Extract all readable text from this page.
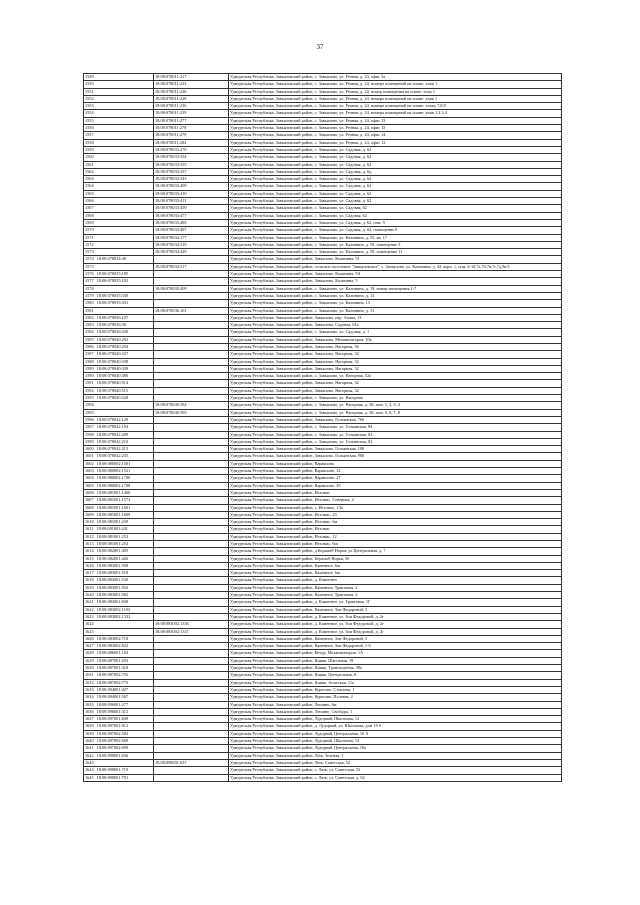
37
1549	18:08:078011:217	Удмуртская Республика, Завьяловский район, с. Завьялово, ул. Речная, д. 24, офис 5а
1550	18:08:078011:223	Удмуртская Республика, Завьяловский район, с. Завьялово, ул. Речная, д. 24, номера помещений на плане: этаж 1
1551	18:08:078011:226	Удмуртская Республика, Завьяловский район, с. Завьялово, ул. Речная, д. 24, номер помещения на плане: этаж 1
1552	18:08:078011:228	Удмуртская Республика, Завьяловский район, с. Завьялово, ул. Речная, д. 24, номера помещений на плане: этаж 1
1553	18:08:078011:236	Удмуртская Республика, Завьяловский район, с. Завьялово, ул. Речная, д. 24, номера помещений на плане: этажу 7,8,9
1554	18:08:078011:239	Удмуртская Республика, Завьяловский район, с. Завьялово, ул. Речная, д. 24, номера помещений на плане: этаж 1,2,3,4
1555	18:08:078011:277	Удмуртская Республика, Завьяловский район, с. Завьялово, ул. Речная, д. 24, офис 13
1556	18:08:078011:278	Удмуртская Республика, Завьяловский район, с. Завьялово, ул. Речная, д. 24, офис 15
1557	18:08:078011:279	Удмуртская Республика, Завьяловский район, с. Завьялово, ул. Речная, д. 24, офис 14
1558	18:08:078011:284	Удмуртская Республика, Завьяловский район, с. Завьялово, ул. Речная, д. 24, офис 12
1559	18:08:078033:270	Удмуртская Республика, Завьяловский район, с. Завьялово, ул. Садовая, д. 62
1560	18:08:078033:334	Удмуртская Республика, Завьяловский район, с. Завьялово, ул. Садовая, д. 62
1561	18:08:078033:335	Удмуртская Республика, Завьяловский район, с. Завьялово, ул. Садовая, д. 62
1562	18:08:078033:337	Удмуртская Республика, Завьяловский район, с. Завьялово, ул. Садовая, д. 6д
1563	18:08:078033:343	Удмуртская Республика, Завьяловский район, с. Завьялово, ул. Садовая, д. 62
1564	18:08:078033:409	Удмуртская Республика, Завьяловский район, с. Завьялово, ул. Садовая, д. 62
1565	18:08:078033:410	Удмуртская Республика, Завьяловский район, с. Завьялово, ул. Садовая, д. 62
1566	18:08:078033:411	Удмуртская Республика, Завьяловский район, с. Завьялово, ул. Садовая, д. 62
1567	18:08:078033:459	Удмуртская Республика, Завьяловский район, с. Завьялово, ул. Садовая, 62
1568	18:08:078033:477	Удмуртская Республика, Завьяловский район, с. Завьялово, ул. Садовая, 62
1569	18:08:078033:485	Удмуртская Республика, Завьяловский район, с. Завьялово, ул. Садовая, д. 62, пом. 9
1570	18:08:078033:487	Удмуртская Республика, Завьяловский район, с. Завьялово, ул. Садовая, д. 62, помещение 8
1571	18:08:078034:177	Удмуртская Республика, Завьяловский район, с. Завьялово, ул. Калинина, д. 55, кв. 17
1572	18:08:078034:319	Удмуртская Республика, Завьяловский район, с. Завьялово, ул. Калинина, д. 59, помещение 3
1573	18:08:078034:429	Удмуртская Республика, Завьяловский район, с. Завьялово, ул. Калинина, д. 59, помещение 11
1574 18:08:078034:48		Удмуртская Республика, Завьяловский район, Завьялово, Калинина, 51
1575	18:08:078034:517	Удмуртская Республика, Завьяловский район, сельское поселение "Завьяловское", с. Завьялово, ул. Калинина, д. 43, корп. 1, пом. 6-10,7а,7б,7в,7г,7д,9в,9
1576 18:08:078035:185		Удмуртская Республика, Завьяловский район, Завьялово, Калинина, 9А
1577 18:08:078035:192		Удмуртская Республика, Завьяловский район, Завьялово, Калинина, 5
1578	18:08:078035:209	Удмуртская Республика, Завьяловский район, с. Завьялово, ул. Калинина, д. 19, номер помещения 1-7
1579 18:08:078035:330		Удмуртская Республика, Завьяловский район, с. Завьялово, ул. Калинина, д. 13
1580 18:08:078035:331		Удмуртская Республика, Завьяловский район, с. Завьялово, ул. Калинина, 13
1581	18:08:078036:101	Удмуртская Республика, Завьяловский район, с. Завьялово, ул. Калинина, д. 11
1582 18:08:078036:107		Удмуртская Республика, Завьяловский район, Завьялово, пер. Азина, 13
1583 18:08:078036:30		Удмуртская Республика, Завьяловский район, Завьялово, Садовая, 61а
1584 18:08:078036:340		Удмуртская Республика, Завьяловский район, с. Завьялово, ул. Садовая, д. 1
1585 18:08:078040:292		Удмуртская Республика, Завьяловский район, Завьялово, Механизаторов, 10а
1586 18:08:078040:294		Удмуртская Республика, Завьяловский район, Завьялово, Нагорная, 56
1587 18:08:078040:337		Удмуртская Республика, Завьяловский район, Завьялово, Нагорная, 32
1588 18:08:078040:338		Удмуртская Республика, Завьяловский район, Завьялово, Нагорная, 32
1589 18:08:078040:339		Удмуртская Республика, Завьяловский район, Завьялово, Нагорная, 32
1590 18:08:078040:486		Удмуртская Республика, Завьяловский район, с. Завьялово, ул. Нагорная, 52а
1591 18:08:078040:514		Удмуртская Республика, Завьяловский район, Завьялово, Нагорная, 32
1592 18:08:078040:515		Удмуртская Республика, Завьяловский район, Завьялово, Нагорная, 32
1593 18:08:078040:528		Удмуртская Республика, Завьяловский район, с. Завьялово, ул. Нагорная
1594	18:08:078040:584	Удмуртская Республика, Завьяловский район, с. Завьялово, ул. Нагорная, д. 36, пом. 1, 2, 3, 4
1595	18:08:078040:595	Удмуртская Республика, Завьяловский район, с. Завьялово, ул. Нагорная, д. 36, пом. 5, 6, 7, 8
1596 18:08:078042:129		Удмуртская Республика, Завьяловский район, Завьялово, Гольянская, 76б
1597 18:08:078042:194		Удмуртская Республика, Завьяловский район, с. Завьялово, ул. Гольянская, 84
1598 18:08:078042:209		Удмуртская Республика, Завьяловский район, с. Завьялово, ул. Гольянская, 82
1599 18:08:078042:210		Удмуртская Республика, Завьяловский район, с. Завьялово, ул. Гольянская, 82
1600 18:08:078042:215		Удмуртская Республика, Завьяловский район, Завьялово, Гольянская, 100
1601 18:08:078042:235		Удмуртская Республика, Завьяловский район, Завьялово, Гольянская, 96б
1602 18:08:080002:1501		Удмуртская Республика, Завьяловский район, Вараксино
1603 18:08:080002:1521		Удмуртская Республика, Завьяловский район, Вараксино, 32
1604 18:08:080002:1700		Удмуртская Республика, Завьяловский район, Вараксино, 27
1605 18:08:080002:1708		Удмуртская Республика, Завьяловский район, Вараксино, 29
1606 18:08:081001:1460		Удмуртская Республика, Завьяловский район, Италмас
1607 18:08:081001:1572		Удмуртская Республика, Завьяловский район, Италмас, Северная, 2
1608 18:08:081001:1601		Удмуртская Республика, Завьяловский район, с. Италмас, 13а
1609 18:08:081001:1609		Удмуртская Республика, Завьяловский район, Италмас, 23
1610 18:08:081001:239		Удмуртская Республика, Завьяловский район, Италмас, 6м
1611 18:08:081001:241		Удмуртская Республика, Завьяловский район, Италмас
1612 18:08:081001:253		Удмуртская Республика, Завьяловский район, Италмас, 12
1613 18:08:081001:254		Удмуртская Республика, Завьяловский район, Италмас, 6ш
1614 18:08:082001:405		Удмуртская Республика, Завьяловский район, д.Керамаб-Норья, ул.Центральная, д. 7
1615 18:08:082001:420		Удмуртская Республика, Завьяловский район, Керамаб-Норья, 5б
1616 18:08:083001:508		Удмуртская Республика, Завьяловский район, Каменное, 6ш
1617 18:08:083001:518		Удмуртская Республика, Завьяловский район, Каменное, 6ш
1618 18:08:083001:530		Удмуртская Республика, Завьяловский район, д. Каменное
1619 18:08:083001:552		Удмуртская Республика, Завьяловский район, Каменное, Трактовая, 2
1620 18:08:083001:582		Удмуртская Республика, Завьяловский район, Каменное, Трактовая, 2
1621 18:08:083001:848		Удмуртская Республика, Завьяловский район, д. Каменное, ул. Трактовая, 1Г
1622 18:08:083002:1103		Удмуртская Республика, Завьяловский район, Каменное, Зои Федоровой, 3
1623 18:08:083002:1332		Удмуртская Республика, Завьяловский район, д. Каменное, ул. Зои Федоровой, д. 2г
1624	18:08:083002:1336	Удмуртская Республика, Завьяловский район, д. Каменное, ул. Зои Федоровой, д. 2г
1625	18:08:083002:1337	Удмуртская Республика, Завьяловский район, д. Каменное, ул. Зои Федоровой, д. 2г
1626 18:08:083002:718		Удмуртская Республика, Завьяловский район, Каменное, Зои Федоровой, 3
1627 18:08:083002:822		Удмуртская Республика, Завьяловский район, Каменное, Зои Федоровой, 1-б
1628 18:08:086001:184		Удмуртская Республика, Завьяловский район, Кечур, Механизаторов, 1А
1629 18:08:087001:203		Удмуртская Республика, Завьяловский район, Кияик, Школьная, 19
1630 18:08:087001:318		Удмуртская Республика, Завьяловский район, Кияик, Транспортная, 39а
1631 18:08:087002:755		Удмуртская Республика, Завьяловский район, Кияик, Центральная, 8
1632 18:08:087002:775		Удмуртская Республика, Завьяловский район, Кияик, Асмеская, 11а
1633 18:08:094001:427		Удмуртская Республика, Завьяловский район, Курегово, Стеклова, 1
1634 18:08:094001:567		Удмуртская Республика, Завьяловский район, Курегово, Полевая, 2
1635 18:08:096001:277		Удмуртская Республика, Завьяловский район, Лешино, 6м
1636 18:08:096001:313		Удмуртская Республика, Завьяловский район, Лешино, Свободы, 1
1637 18:08:097001:849		Удмуртская Республика, Завьяловский район, Лудорвай, Школьная, 12
1638 18:08:097001:912		Удмуртская Республика, Завьяловский район, д. Лудорвай, ул. Школьная, дом 19 б
1639 18:08:097002:582		Удмуртская Республика, Завьяловский район, Лудорвай, Центральная, 10 А
1640 18:08:097002:669		Удмуртская Республика, Завьяловский район, Лудорвай, Школьная, 14
1641 18:08:097002:690		Удмуртская Республика, Завьяловский район, Лудорвай, Центральная, 10а
1642 18:08:098001:636		Удмуртская Республика, Завьяловский район, Люк, Зеленая, 1
1643	18:08:098001:637	Удмуртская Республика, Завьяловский район, Люк, Советская, 52
1644 18:08:098001:719		Удмуртская Республика, Завьяловский район, с. Люк, ул. Советская, 52
1645 18:08:098001:791		Удмуртская Республика, Завьяловский район, с. Люк, ул. Советская, д. 62
